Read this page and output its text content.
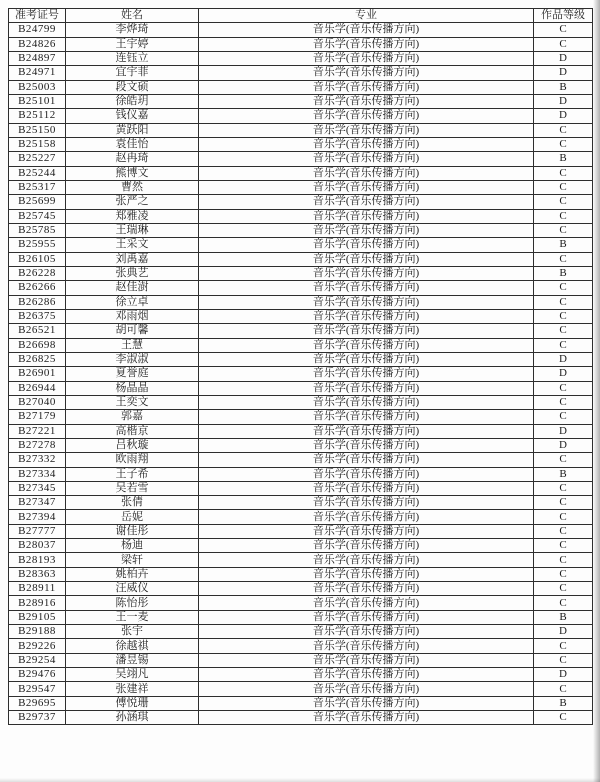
准考证号	姓名	专业	作品等级
B24799	李烨琦	音乐学(音乐传播方向)	C
B24826	王宇婷	音乐学(音乐传播方向)	C
B24897	连钰立	音乐学(音乐传播方向)	D
B24971	宜宇菲	音乐学(音乐传播方向)	D
B25003	段文硕	音乐学(音乐传播方向)	B
B25101	徐皓玥	音乐学(音乐传播方向)	D
B25112	钱仪嘉	音乐学(音乐传播方向)	D
B25150	黄跃阳	音乐学(音乐传播方向)	C
B25158	袁佳怡	音乐学(音乐传播方向)	C
B25227	赵冉琦	音乐学(音乐传播方向)	B
B25244	熊博文	音乐学(音乐传播方向)	C
B25317	曹然	音乐学(音乐传播方向)	C
B25699	张严之	音乐学(音乐传播方向)	C
B25745	郑雅凌	音乐学(音乐传播方向)	C
B25785	王瑞琳	音乐学(音乐传播方向)	C
B25955	王采文	音乐学(音乐传播方向)	B
B26105	刘禹嘉	音乐学(音乐传播方向)	C
B26228	张典艺	音乐学(音乐传播方向)	B
B26266	赵佳澍	音乐学(音乐传播方向)	C
B26286	徐立卓	音乐学(音乐传播方向)	C
B26375	邓雨烟	音乐学(音乐传播方向)	C
B26521	胡可馨	音乐学(音乐传播方向)	C
B26698	王慧	音乐学(音乐传播方向)	C
B26825	李淑淑	音乐学(音乐传播方向)	D
B26901	夏誉庭	音乐学(音乐传播方向)	D
B26944	杨晶晶	音乐学(音乐传播方向)	C
B27040	王奕文	音乐学(音乐传播方向)	C
B27179	郭嘉	音乐学(音乐传播方向)	C
B27221	高楷京	音乐学(音乐传播方向)	D
B27278	吕秋璇	音乐学(音乐传播方向)	D
B27332	欧雨翔	音乐学(音乐传播方向)	C
B27334	王子希	音乐学(音乐传播方向)	B
B27345	吴若雪	音乐学(音乐传播方向)	C
B27347	张倩	音乐学(音乐传播方向)	C
B27394	岳妮	音乐学(音乐传播方向)	C
B27777	谢佳彤	音乐学(音乐传播方向)	C
B28037	杨迪	音乐学(音乐传播方向)	C
B28193	梁轩	音乐学(音乐传播方向)	C
B28363	姚柏卉	音乐学(音乐传播方向)	C
B28911	汪威仪	音乐学(音乐传播方向)	C
B28916	陈怡彤	音乐学(音乐传播方向)	C
B29105	王一麦	音乐学(音乐传播方向)	B
B29188	张宇	音乐学(音乐传播方向)	D
B29226	徐越祺	音乐学(音乐传播方向)	C
B29254	潘昱锡	音乐学(音乐传播方向)	C
B29476	吴翊凡	音乐学(音乐传播方向)	D
B29547	张建祥	音乐学(音乐传播方向)	C
B29695	傅悦珊	音乐学(音乐传播方向)	B
B29737	孙涵琪	音乐学(音乐传播方向)	C
